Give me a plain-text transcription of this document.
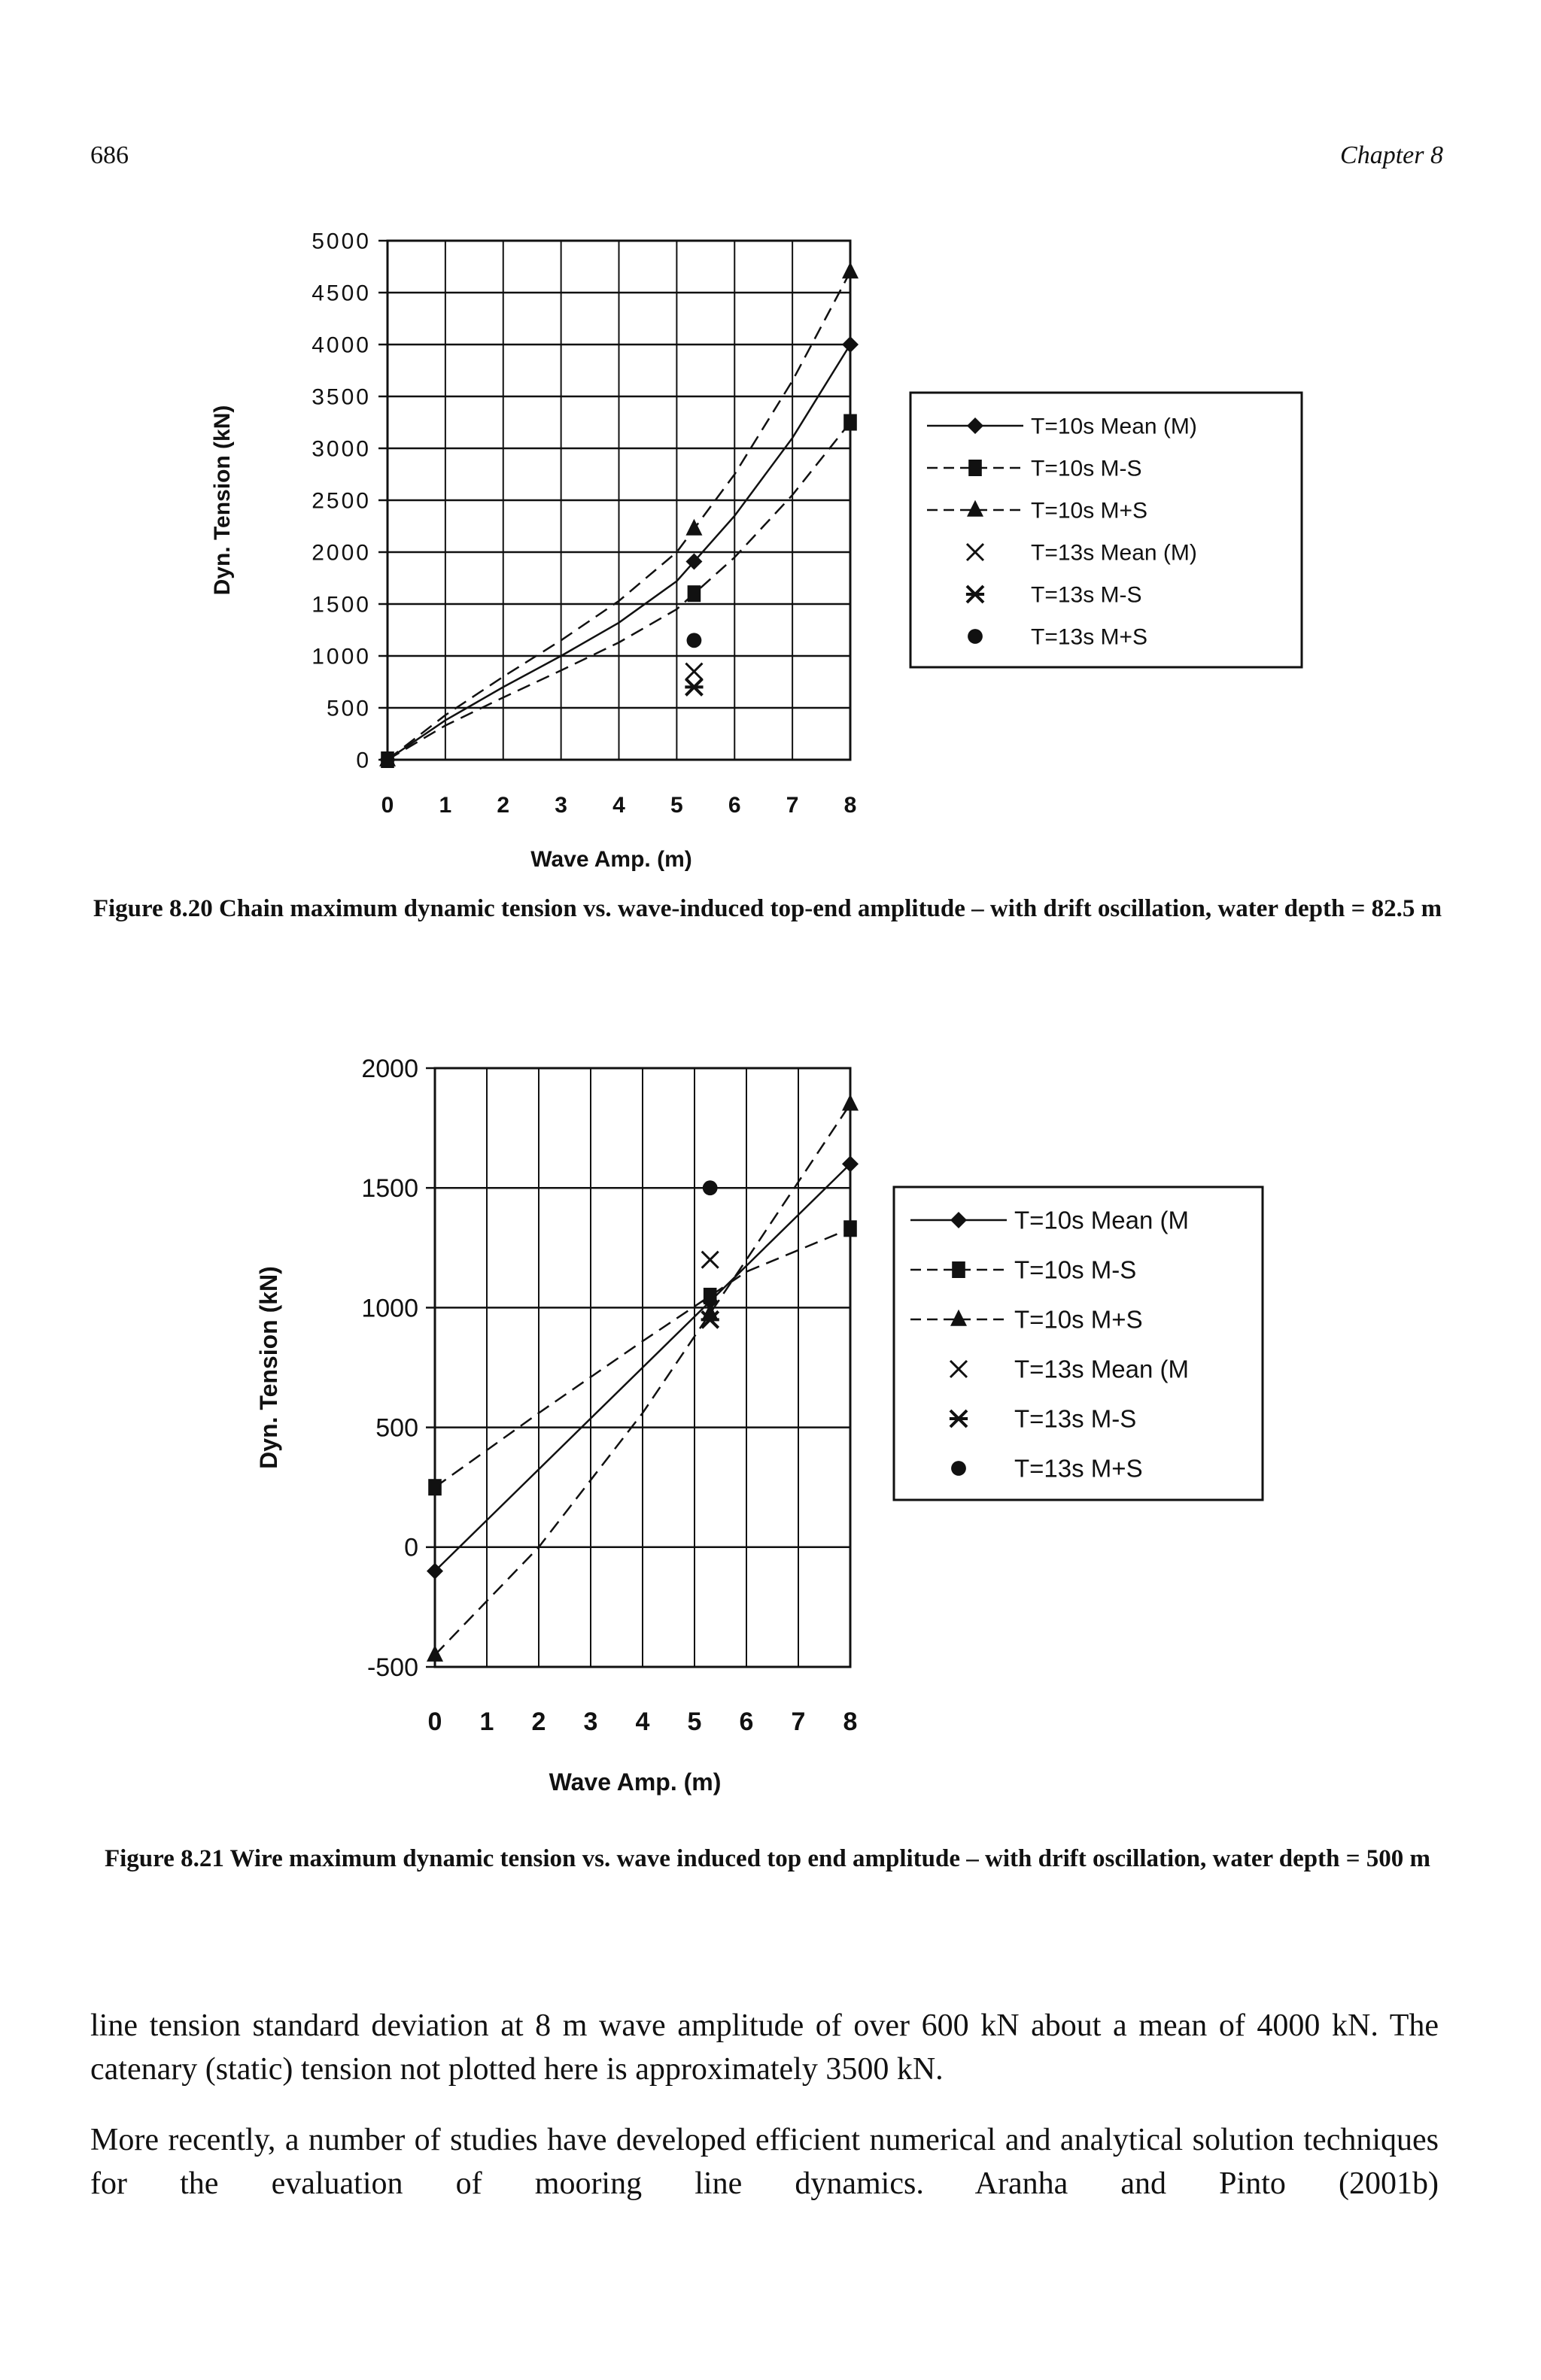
686	Chapter 8
0 1 2 3 4 5 6 7 8
5000
4500
4000
3500
3000
2500
2000
1500
1000
500
0
Wave Amp. (m)
Dyn. Tension (kN)	T=10s Mean (M)
T=10s M-S
T=10s M+S
T=13s Mean (M)
T=13s M-S
T=13s M+S
Figure 8.20 Chain maximum dynamic tension vs. wave-induced top-end amplitude – with drift oscillation, water depth = 82.5 m
0 1 2 3 4 5 6 7 8
2000
1500
1000
500
0
-500
Wave Amp. (m)
Dyn. Tension (kN)
T=10s Mean (M
T=10s M-S
T=10s M+S
T=13s Mean (M
T=13s M-S
T=13s M+S
Figure 8.21 Wire maximum dynamic tension vs. wave induced top end amplitude – with drift oscillation, water depth = 500 m

line tension standard deviation at 8 m wave amplitude of over 600 kN about a mean of 4000 kN. The catenary (static) tension not plotted here is approximately 3500 kN.

More recently, a number of studies have developed efficient numerical and analytical solution techniques for the evaluation of mooring line dynamics. Aranha and Pinto (2001b)
